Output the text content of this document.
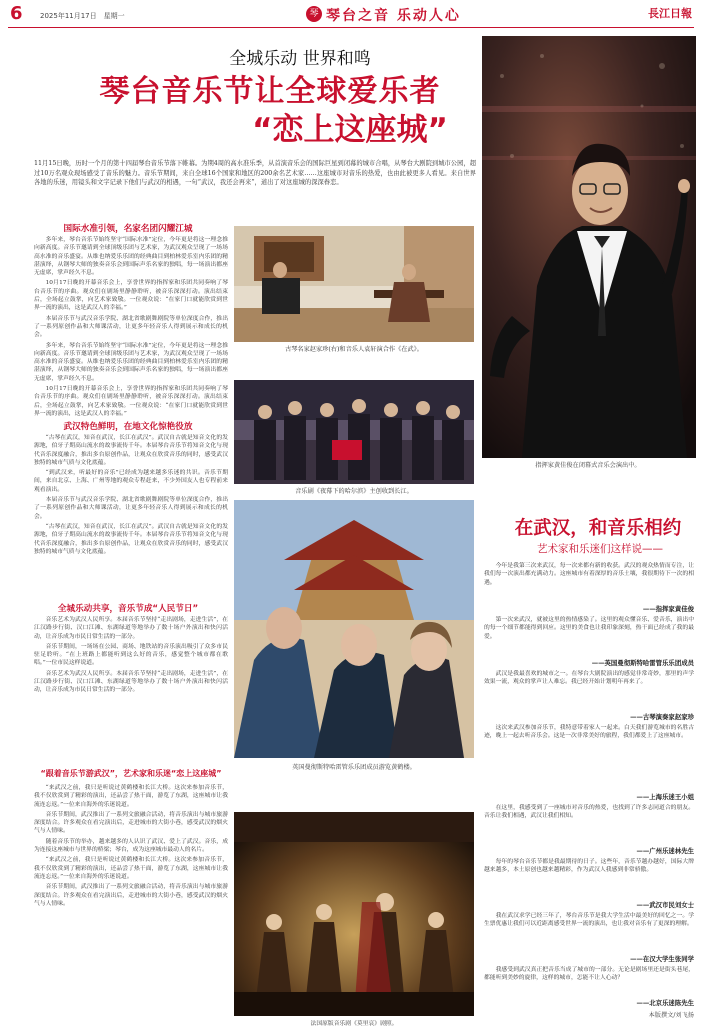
6 2025年11月17日　星期一	琴 琴台之音 乐动人心	長江日報
全城乐动 世界和鸣
琴台音乐节让全球爱乐者
“恋上这座城”
11月15日晚，历时一个月的第十四届琴台音乐节落下帷幕。为期4周的高水准乐季，从首演音乐会的国际巨星到闭幕的城市合唱，从琴台大剧院到城市公园，超过10万名观众现场感受了音乐的魅力。音乐节期间，来自全球16个国家和地区的200余名艺术家……这座城市对音乐的热爱，也由此被更多人看见。来自世界各地的乐迷，用镜头和文字记录下他们与武汉的相遇，一句“武汉，我还会再来”，道出了对这座城的深深眷恋。
指挥家黄佳俊在闭幕式音乐会演出中。
国际水准引领，名家名团闪耀江城

多年来，琴台音乐节始终坚守“国际水准”定位，今年更是将这一理念推向新高度。音乐节邀请到全球顶级乐团与艺术家，为武汉观众呈现了一场场高水准的音乐盛宴。从维也纳爱乐乐团的经典曲目到柏林爱乐室内乐团的精湛演绎，从钢琴大师的独奏音乐会到国际声乐名家的独唱，每一场演出都座无虚席，掌声经久不息。

10月17日晚的开幕音乐会上，享誉世界的指挥家和乐团共同奏响了琴台音乐节的序曲。观众们在剧场里静静聆听，被音乐深深打动。演出结束后，全场起立鼓掌，向艺术家致敬。一位观众说：“在家门口就能欣赏到世界一流的演出，这是武汉人的幸福。”

本届音乐节与武汉音乐学院、湖北省歌剧舞剧院等单位深度合作，推出了一系列原创作品和大师课活动，让更多年轻音乐人得到展示和成长的机会。

多年来，琴台音乐节始终坚守“国际水准”定位，今年更是将这一理念推向新高度。音乐节邀请到全球顶级乐团与艺术家，为武汉观众呈现了一场场高水准的音乐盛宴。从维也纳爱乐乐团的经典曲目到柏林爱乐室内乐团的精湛演绎，从钢琴大师的独奏音乐会到国际声乐名家的独唱，每一场演出都座无虚席，掌声经久不息。

10月17日晚的开幕音乐会上，享誉世界的指挥家和乐团共同奏响了琴台音乐节的序曲。观众们在剧场里静静聆听，被音乐深深打动。演出结束后，全场起立鼓掌，向艺术家致敬。一位观众说：“在家门口就能欣赏到世界一流的演出，这是武汉人的幸福。”

武汉特色鲜明，在地文化惊艳役放

“古琴在武汉，知音在武汉，长江在武汉”。武汉自古就是知音文化的发源地，伯牙子期高山流水的故事流传千年。本届琴台音乐节将知音文化与现代音乐深度融合，推出多台原创作品，让观众在欣赏音乐的同时，感受武汉独特的城市气质与文化底蕴。

“到武汉来，听最好的音乐”已经成为越来越多乐迷的共识。音乐节期间，来自北京、上海、广州等地的观众专程赶来，不少外国友人也专程前来观看演出。

本届音乐节与武汉音乐学院、湖北省歌剧舞剧院等单位深度合作，推出了一系列原创作品和大师课活动，让更多年轻音乐人得到展示和成长的机会。

“古琴在武汉，知音在武汉，长江在武汉”。武汉自古就是知音文化的发源地，伯牙子期高山流水的故事流传千年。本届琴台音乐节将知音文化与现代音乐深度融合，推出多台原创作品，让观众在欣赏音乐的同时，感受武汉独特的城市气质与文化底蕴。

全城乐动共享，音乐节成“人民节日”

音乐艺术为武汉人民所享。本届音乐节坚持“走出剧场，走进生活”，在江汉路步行街、汉口江滩、东湖绿道等地举办了数十场户外演出和快闪活动，让音乐成为市民日常生活的一部分。

音乐节期间，一场场在公园、商场、地铁站的音乐演出吸引了众多市民驻足聆听。“在上班路上都能听到这么好的音乐，感觉整个城市都在歌唱。”一位市民这样说道。

音乐艺术为武汉人民所享。本届音乐节坚持“走出剧场，走进生活”，在江汉路步行街、汉口江滩、东湖绿道等地举办了数十场户外演出和快闪活动，让音乐成为市民日常生活的一部分。

“跟着音乐节游武汉”，艺术家和乐迷“恋上这座城”

“来武汉之前，我只是听说过黄鹤楼和长江大桥。这次来参加音乐节，我不仅欣赏到了精彩的演出，还品尝了热干面，游览了东湖，这座城市让我流连忘返。”一位来自海外的乐迷说道。

音乐节期间，武汉推出了一系列文旅融合活动，将音乐演出与城市旅游深度结合。许多观众在看完演出后，走进城市的大街小巷，感受武汉的烟火气与人情味。

随着音乐节的举办，越来越多的人认识了武汉、爱上了武汉。音乐，成为连接这座城市与世界的桥梁；琴台，成为这座城市最动人的名片。

“来武汉之前，我只是听说过黄鹤楼和长江大桥。这次来参加音乐节，我不仅欣赏到了精彩的演出，还品尝了热干面，游览了东湖，这座城市让我流连忘返。”一位来自海外的乐迷说道。

音乐节期间，武汉推出了一系列文旅融合活动，将音乐演出与城市旅游深度结合。许多观众在看完演出后，走进城市的大街小巷，感受武汉的烟火气与人情味。

古琴名家赵家珍(右)和音乐人袁轩演合作《在武》。
音乐剧《夜幕下的哈尔滨》主创收到长江。
英国曼彻斯特哈雷管乐乐团成员游览黄鹤楼。
法国原版音乐剧《莫里哀》剧照。
在武汉，和音乐相约
艺术家和乐迷们这样说——
今年是我第三次来武汉，每一次来都有新的收获。武汉的观众热情而专注，让我们每一次演出都充满动力。这座城市有着深厚的音乐土壤，我很期待下一次的相遇。
——指挥家黄佳俊
第一次来武汉，就被这里的热情感染了。这里的观众懂音乐、爱音乐，演出中的每一个细节都能得到回应。这里的美食也让我印象深刻，热干面已经成了我的最爱。
——英国曼彻斯特哈雷管乐乐团成员
武汉是我最喜欢的城市之一。在琴台大剧院演出的感觉非常奇妙，那里的声学效果一流，观众的掌声让人难忘。我已经开始计划明年再来了。
——古琴演奏家赵家珍
这次来武汉参加音乐节，我特意带着家人一起来。白天我们游览城市的名胜古迹，晚上一起去听音乐会。这是一次非常美好的旅程，我们都爱上了这座城市。
——上海乐迷王小姐
在这里，我感受到了一座城市对音乐的热爱，也找到了许多志同道合的朋友。音乐让我们相遇，武汉让我们相知。
——广州乐迷林先生
每年的琴台音乐节都是我最期待的日子。这些年，音乐节越办越好，国际大牌越来越多，本土原创也越来越精彩，作为武汉人我感到非常骄傲。
——武汉市民刘女士
我在武汉求学已经三年了，琴台音乐节是我大学生活中最美好的回忆之一。学生票优惠让我们可以近距离感受世界一流的演出，也让我对音乐有了更深的理解。
——在汉大学生张同学
我感受到武汉真正把音乐当成了城市的一部分。无论是剧场里还是街头巷尾，都能听到美妙的旋律，这样的城市，怎能不让人心动？
——北京乐迷陈先生
本版撰文/刘飞扬
